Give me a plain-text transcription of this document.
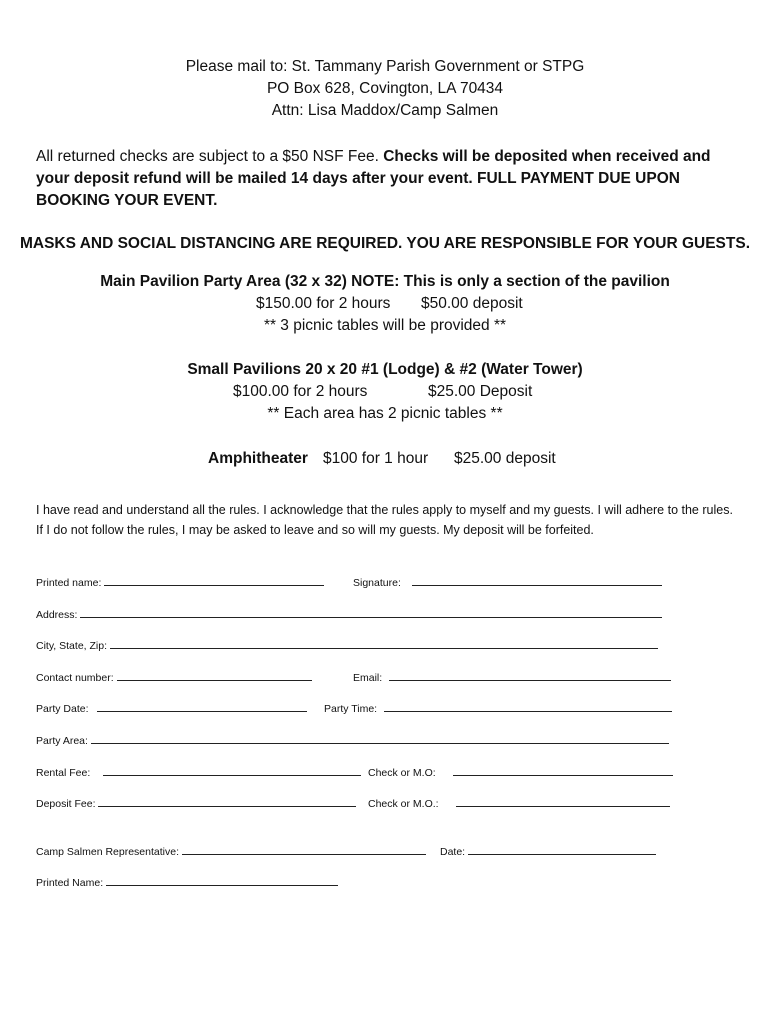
Please mail to: St. Tammany Parish Government or STPG
PO Box 628, Covington, LA 70434
Attn: Lisa Maddox/Camp Salmen
All returned checks are subject to a $50 NSF Fee. Checks will be deposited when received and your deposit refund will be mailed 14 days after your event. FULL PAYMENT DUE UPON BOOKING YOUR EVENT.
MASKS AND SOCIAL DISTANCING ARE REQUIRED. YOU ARE RESPONSIBLE FOR YOUR GUESTS.
Main Pavilion Party Area (32 x 32) NOTE: This is only a section of the pavilion
$150.00 for 2 hours $50.00 deposit
** 3 picnic tables will be provided **
Small Pavilions 20 x 20 #1 (Lodge) & #2 (Water Tower)
$100.00 for 2 hours	$25.00 Deposit
** Each area has 2 picnic tables **
Amphitheater $100 for 1 hour $25.00 deposit
I have read and understand all the rules. I acknowledge that the rules apply to myself and my guests. I will adhere to the rules. If I do not follow the rules, I may be asked to leave and so will my guests. My deposit will be forfeited.
Printed name:	Signature:
Address:
City, State, Zip:
Contact number:	Email:
Party Date:	Party Time:
Party Area:
Rental Fee:	Check or M.O:
Deposit Fee:	Check or M.O.:
Camp Salmen Representative:	Date:
Printed Name:
